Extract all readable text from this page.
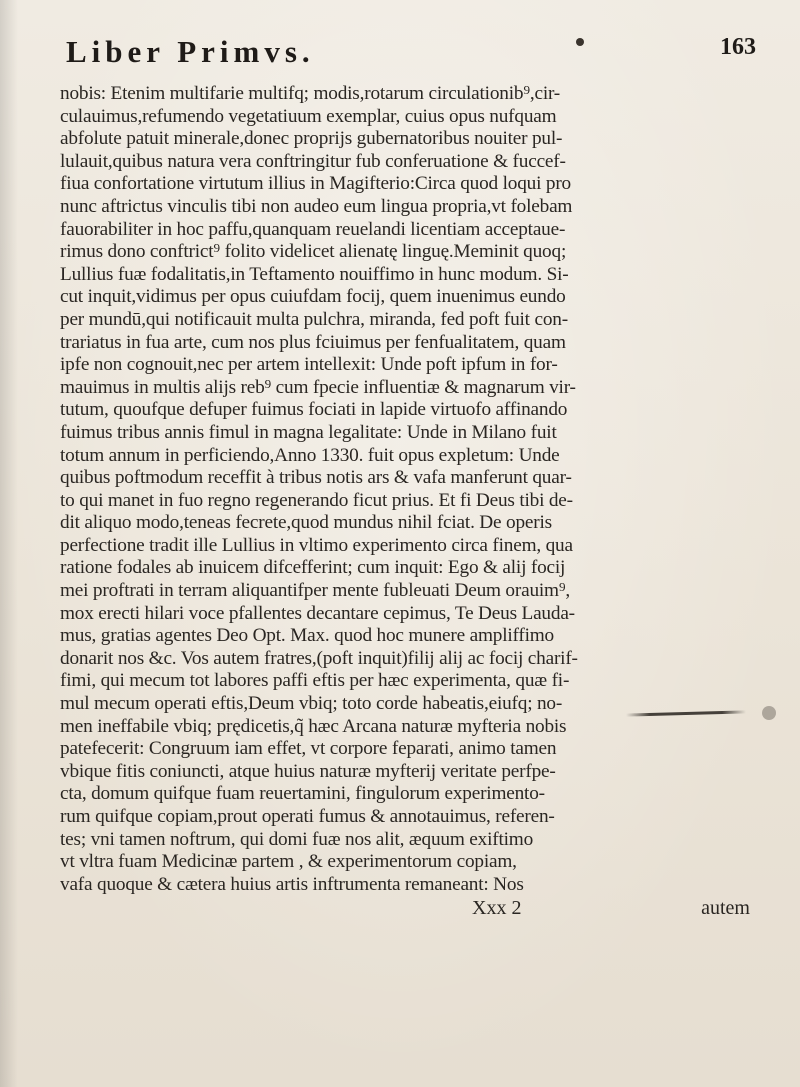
Liber Primvs.	163
nobis: Etenim multifarie multifq; modis,rotarum circulationib⁹,cir-
culauimus,refumendo vegetatiuum exemplar, cuius opus nufquam
abfolute patuit minerale,donec proprijs gubernatoribus nouiter pul-
lulauit,quibus natura vera conftringitur fub conferuatione & fuccef-
fiua confortatione virtutum illius in Magifterio:Circa quod loqui pro
nunc aftrictus vinculis tibi non audeo eum lingua propria,vt folebam
fauorabiliter in hoc paffu,quanquam reuelandi licentiam acceptaue-
rimus dono conftrict⁹ folito videlicet alienatę linguę.Meminit quoq;
Lullius fuæ fodalitatis,in Teftamento nouiffimo in hunc modum. Si-
cut inquit,vidimus per opus cuiufdam focij, quem inuenimus eundo
per mundū,qui notificauit multa pulchra, miranda, fed poft fuit con-
trariatus in fua arte, cum nos plus fciuimus per fenfualitatem, quam
ipfe non cognouit,nec per artem intellexit: Unde poft ipfum in for-
mauimus in multis alijs reb⁹ cum fpecie influentiæ & magnarum vir-
tutum, quoufque defuper fuimus fociati in lapide virtuofo affinando
fuimus tribus annis fimul in magna legalitate: Unde in Milano fuit
totum annum in perficiendo,Anno 1330. fuit opus expletum: Unde
quibus poftmodum receffit à tribus notis ars & vafa manferunt quar-
to qui manet in fuo regno regenerando ficut prius. Et fi Deus tibi de-
dit aliquo modo,teneas fecrete,quod mundus nihil fciat. De operis
perfectione tradit ille Lullius in vltimo experimento circa finem, qua
ratione fodales ab inuicem difcefferint; cum inquit: Ego & alij focij
mei proftrati in terram aliquantifper mente fubleuati Deum orauim⁹,
mox erecti hilari voce pfallentes decantare cepimus, Te Deus Lauda-
mus, gratias agentes Deo Opt. Max. quod hoc munere ampliffimo
donarit nos &c. Vos autem fratres,(poft inquit)filij alij ac focij charif-
fimi, qui mecum tot labores paffi eftis per hæc experimenta, quæ fi-
mul mecum operati eftis,Deum vbiq; toto corde habeatis,eiufq; no-
men ineffabile vbiq; prędicetis,q̃ hæc Arcana naturæ myfteria nobis
patefecerit: Congruum iam effet, vt corpore feparati, animo tamen
vbique fitis coniuncti, atque huius naturæ myfterij veritate perfpe-
cta, domum quifque fuam reuertamini, fingulorum experimento-
rum quifque copiam,prout operati fumus & annotauimus, referen-
tes; vni tamen noftrum, qui domi fuæ nos alit, æquum exiftimo
vt vltra fuam Medicinæ partem , & experimentorum copiam,
vafa quoque & cætera huius artis inftrumenta remaneant: Nos
Xxx 2	autem
